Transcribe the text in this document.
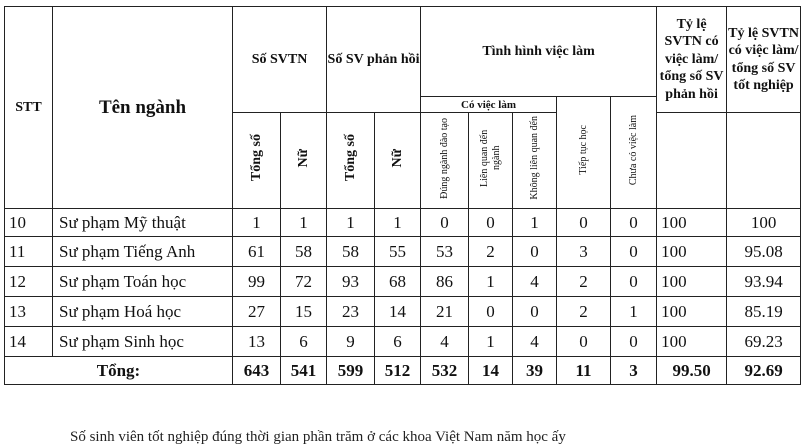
STT	Tên ngành	Số SVTN		Số SV phản hồi		Tình hình việc làm					Tỷ lệ SVTN có việc làm/ tổng số SV phản hồi	Tỷ lệ SVTN có việc làm/ tổng số SV tốt nghiệp
						Có việc làm			Tiếp tục học	Chưa có việc làm		
		Tổng số	Nữ	Tổng số	Nữ	Đúng ngành đào tạo	Liên quan đến ngành	Không liên quan đến				
10	Sư phạm Mỹ thuật	1	1	1	1	0	0	1	0	0	100	100
11	Sư phạm Tiếng Anh	61	58	58	55	53	2	0	3	0	100	95.08
12	Sư phạm Toán học	99	72	93	68	86	1	4	2	0	100	93.94
13	Sư phạm Hoá học	27	15	23	14	21	0	0	2	1	100	85.19
14	Sư phạm Sinh học	13	6	9	6	4	1	4	0	0	100	69.23
Tổng:		643	541	599	512	532	14	39	11	3	99.50	92.69
Số sinh viên tốt nghiệp đúng thời gian phần trăm ở các khoa Việt Nam năm học ấy
